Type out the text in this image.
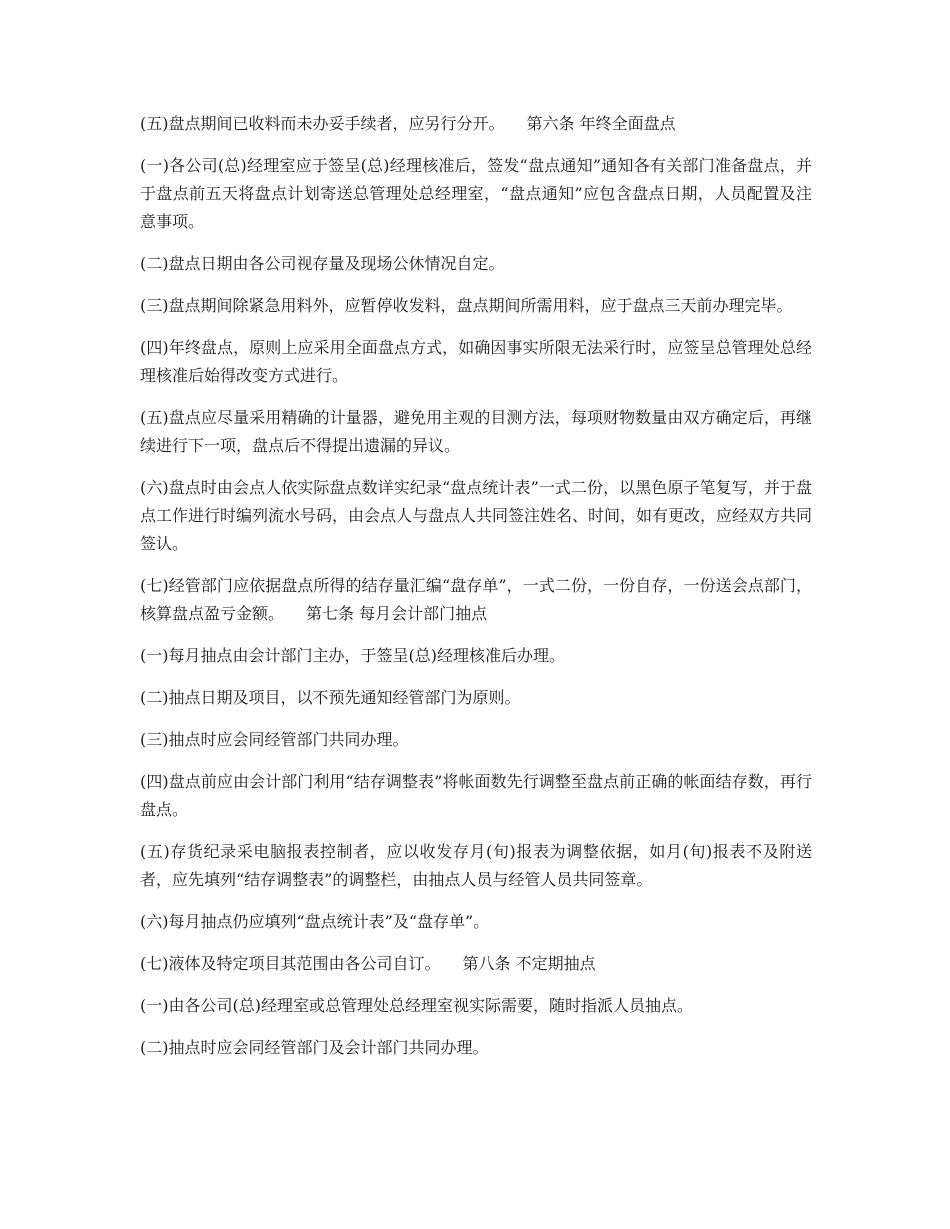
(五)盘点期间已收料而未办妥手续者，应另行分开。 第六条 年终全面盘点

(一)各公司(总)经理室应于签呈(总)经理核准后，签发“盘点通知”通知各有关部门准备盘点，并于盘点前五天将盘点计划寄送总管理处总经理室，“盘点通知”应包含盘点日期，人员配置及注意事项。

(二)盘点日期由各公司视存量及现场公休情况自定。

(三)盘点期间除紧急用料外，应暂停收发料，盘点期间所需用料，应于盘点三天前办理完毕。

(四)年终盘点，原则上应采用全面盘点方式，如确因事实所限无法采行时，应签呈总管理处总经理核准后始得改变方式进行。

(五)盘点应尽量采用精确的计量器，避免用主观的目测方法，每项财物数量由双方确定后，再继续进行下一项，盘点后不得提出遗漏的异议。

(六)盘点时由会点人依实际盘点数详实纪录“盘点统计表”一式二份，以黑色原子笔复写，并于盘点工作进行时编列流水号码，由会点人与盘点人共同签注姓名、时间，如有更改，应经双方共同签认。

(七)经管部门应依据盘点所得的结存量汇编“盘存单”，一式二份，一份自存，一份送会点部门，核算盘点盈亏金额。 第七条 每月会计部门抽点

(一)每月抽点由会计部门主办，于签呈(总)经理核准后办理。

(二)抽点日期及项目，以不预先通知经管部门为原则。

(三)抽点时应会同经管部门共同办理。

(四)盘点前应由会计部门利用“结存调整表”将帐面数先行调整至盘点前正确的帐面结存数，再行盘点。

(五)存货纪录采电脑报表控制者，应以收发存月(旬)报表为调整依据，如月(旬)报表不及附送者，应先填列“结存调整表”的调整栏，由抽点人员与经管人员共同签章。

(六)每月抽点仍应填列“盘点统计表”及“盘存单”。

(七)液体及特定项目其范围由各公司自订。 第八条 不定期抽点

(一)由各公司(总)经理室或总管理处总经理室视实际需要，随时指派人员抽点。

(二)抽点时应会同经管部门及会计部门共同办理。
